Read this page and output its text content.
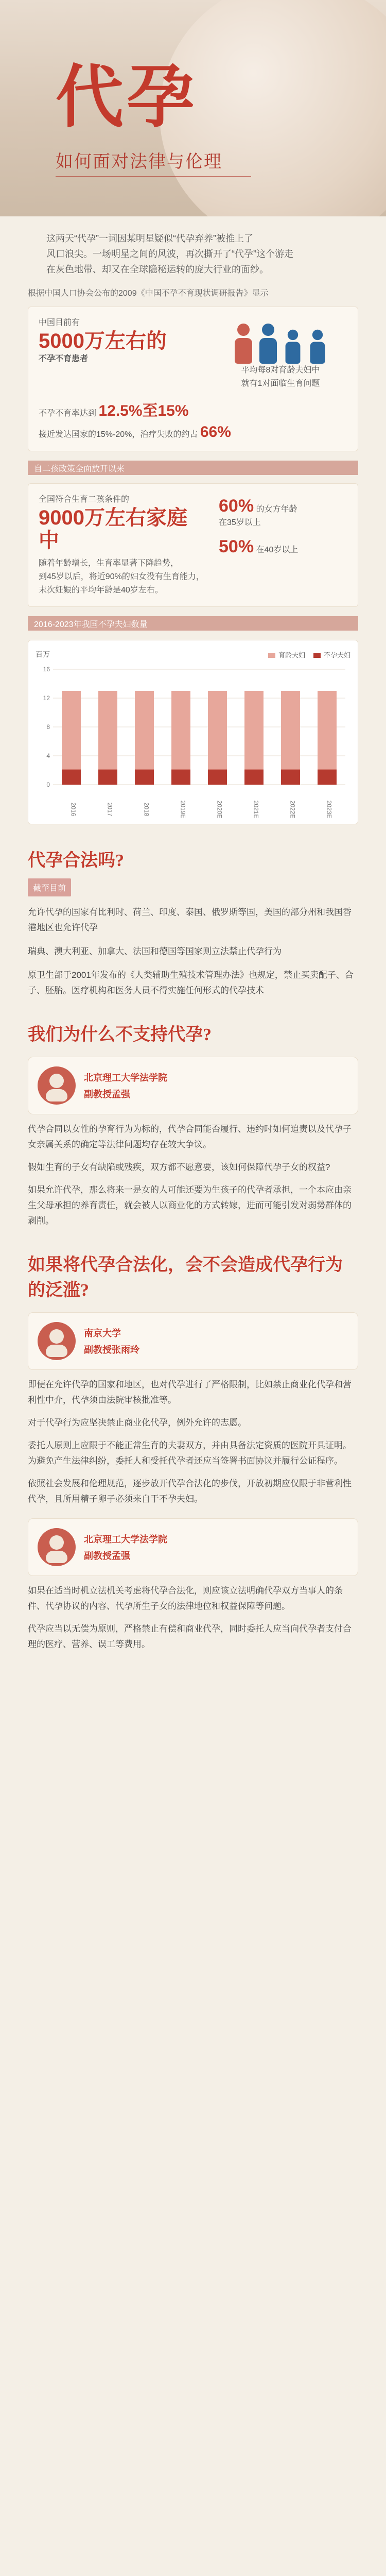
代孕
如何面对法律与伦理
这两天“代孕”一词因某明星疑似“代孕弃养”被推上了
风口浪尖。一场明星之间的风波，再次撕开了“代孕”这个游走
在灰色地带、却又在全球隐秘运转的庞大行业的面纱。
根据中国人口协会公布的2009《中国不孕不育现状调研报告》显示
中国目前有
5000万左右的
不孕不育患者
平均每8对育龄夫妇中
就有1对面临生育问题
不孕不育率达到 12.5%至15%
接近发达国家的15%-20%，治疗失败的约占 66%
自二孩政策全面放开以来
全国符合生育二孩条件的
9000万左右家庭中
随着年龄增长，生育率显著下降趋势，
到45岁以后，将近90%的妇女没有生育能力，
末次妊娠的平均年龄是40岁左右。
60% 的女方年龄
在35岁以上
50% 在40岁以上
2016-2023年我国不孕夫妇数量
百万	育龄夫妇	不孕夫妇
0
4
8
12
16
2016	2017	2018	2019E	2020E	2021E	2022E	2023E
代孕合法吗?
截至目前
允许代孕的国家有比利时、荷兰、印度、泰国、俄罗斯等国，美国的部分州和我国香港地区也允许代孕
瑞典、澳大利亚、加拿大、法国和德国等国家则立法禁止代孕行为
原卫生部于2001年发布的《人类辅助生殖技术管理办法》也规定，禁止买卖配子、合子、胚胎。医疗机构和医务人员不得实施任何形式的代孕技术
我们为什么不支持代孕?
北京理工大学法学院
副教授孟强
代孕合同以女性的孕育行为为标的，代孕合同能否履行、违约时如何追责以及代孕子女亲属关系的确定等法律问题均存在较大争议。
假如生育的子女有缺陷或残疾，双方都不愿意要，该如何保障代孕子女的权益?
如果允许代孕，那么将来一是女的人可能还要为生孩子的代孕者承担，一个本应由亲生父母承担的养育责任，就会被人以商业化的方式转嫁，进而可能引发对弱势群体的剥削。
如果将代孕合法化，会不会造成代孕行为的泛滥?
南京大学
副教授张雨玲
即便在允许代孕的国家和地区，也对代孕进行了严格限制，比如禁止商业化代孕和营利性中介，代孕须由法院审核批准等。
对于代孕行为应坚决禁止商业化代孕，例外允许的志愿。
委托人原则上应限于不能正常生育的夫妻双方，并由具备法定资质的医院开具证明。为避免产生法律纠纷，委托人和受托代孕者还应当签署书面协议并履行公证程序。
依照社会发展和伦理规范，逐步放开代孕合法化的步伐，开放初期应仅限于非营利性代孕，且所用精子卵子必须来自于不孕夫妇。
北京理工大学法学院
副教授孟强
如果在适当时机立法机关考虑将代孕合法化，则应该立法明确代孕双方当事人的条件、代孕协议的内容、代孕所生子女的法律地位和权益保障等问题。
代孕应当以无偿为原则，严格禁止有偿和商业代孕，同时委托人应当向代孕者支付合理的医疗、营养、误工等费用。
